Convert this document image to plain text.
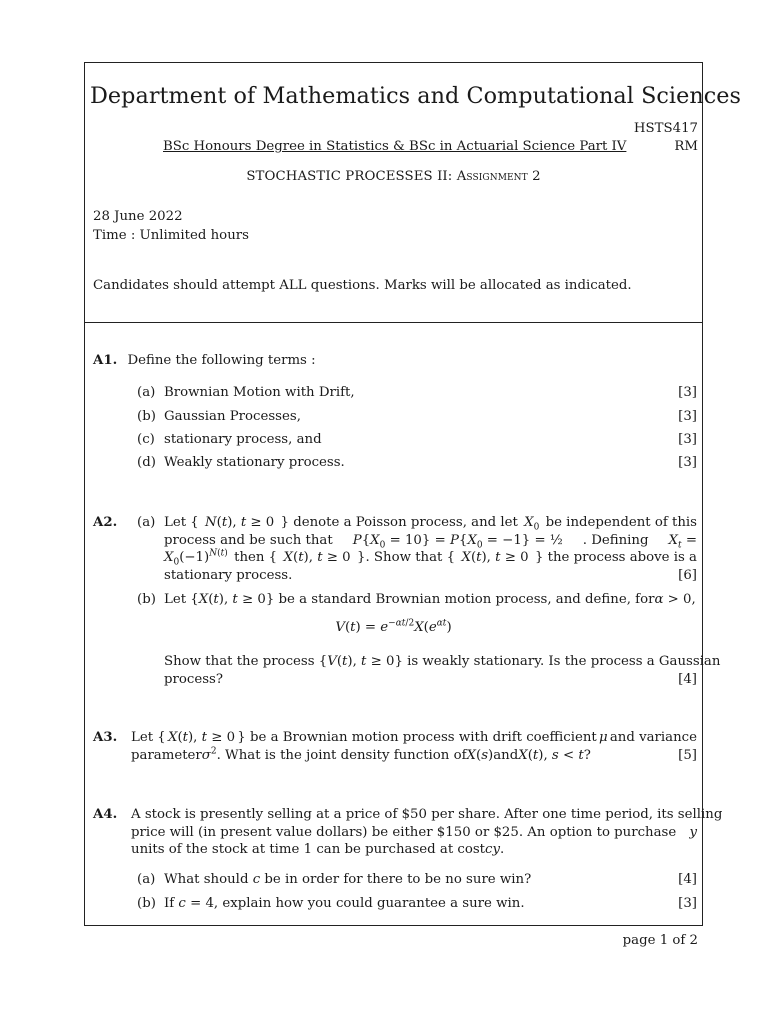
Department of Mathematics and Computational Sciences
HSTS417
BSc Honours Degree in Statistics & BSc in Actuarial Science Part IV	RM
STOCHASTIC PROCESSES II: Assignment 2
28 June 2022
Time : Unlimited hours
Candidates should attempt ALL questions. Marks will be allocated as indicated.
A1. Define the following terms :
(a) Brownian Motion with Drift,	[3]
(b) Gaussian Processes,	[3]
(c) stationary process, and	[3]
(d) Weakly stationary process.	[3]
A2. (a) Let { N(t), t ≥ 0 } denote a Poisson process, and let $X_0$ be independent of this
process and be such that $P\{X_0 = 10\} = P\{X_0 = -1\}$ = ½ . Defining $X_t$ =
$X_0(-1)^{N(t)}$ then { X(t), t ≥ 0 }. Show that { X(t), t ≥ 0 } the process above is a
stationary process.	[6]
(b) Let { X(t), t ≥ 0 } be a standard Brownian motion process, and define, for α > 0,
$V(t) = e^{-\alpha t/2}X(e^{\alpha t})$
Show that the process { V(t), t ≥ 0 } is weakly stationary. Is the process a Gaussian
process?	[4]
A3. Let { X(t), t ≥ 0 } be a Brownian motion process with drift coefficient μ and variance
parameter $\sigma^2$ . What is the joint density function of X(s) and X(t), s < t?	[5]
A4. A stock is presently selling at a price of $50 per share. After one time period, its selling
price will (in present value dollars) be either $150 or $25. An option to purchase y
units of the stock at time 1 can be purchased at cost cy.
(a) What should c be in order for there to be no sure win?	[4]
(b) If c = 4, explain how you could guarantee a sure win.	[3]
page 1 of 2
